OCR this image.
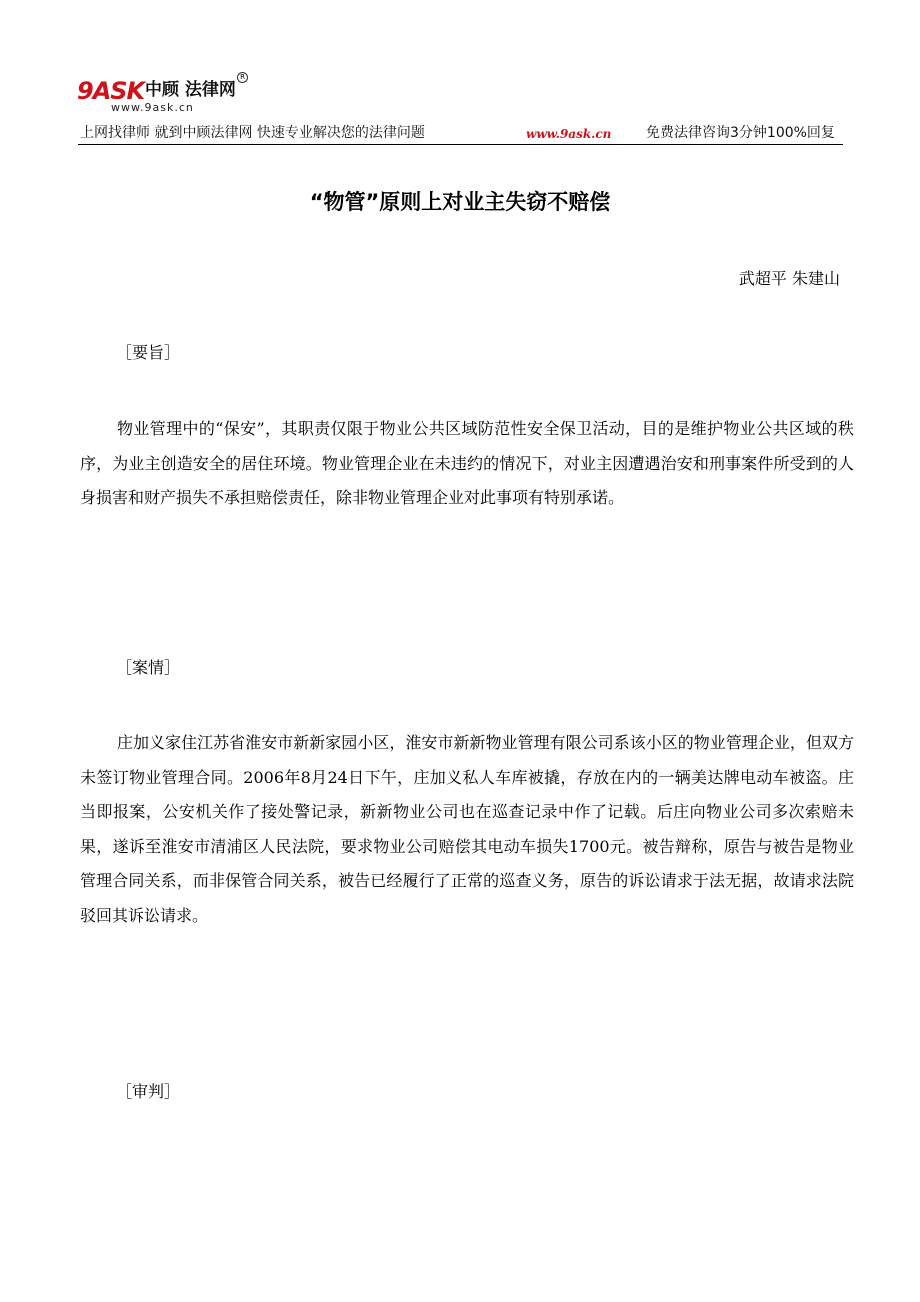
9ASK 中顾 法律网
R
www.9ask.cn
上网找律师 就到中顾法律网 快速专业解决您的法律问题	www.9ask.cn 免费法律咨询3分钟100%回复
“物管”原则上对业主失窃不赔偿
武超平 朱建山
［要旨］

物业管理中的“保安”，其职责仅限于物业公共区域防范性安全保卫活动，目的是维护物业公共区域的秩序，为业主创造安全的居住环境。物业管理企业在未违约的情况下，对业主因遭遇治安和刑事案件所受到的人身损害和财产损失不承担赔偿责任，除非物业管理企业对此事项有特别承诺。

［案情］

庄加义家住江苏省淮安市新新家园小区，淮安市新新物业管理有限公司系该小区的物业管理企业，但双方未签订物业管理合同。2006年8月24日下午，庄加义私人车库被撬，存放在内的一辆美达牌电动车被盗。庄当即报案，公安机关作了接处警记录，新新物业公司也在巡查记录中作了记载。后庄向物业公司多次索赔未果，遂诉至淮安市清浦区人民法院，要求物业公司赔偿其电动车损失1700元。被告辩称，原告与被告是物业管理合同关系，而非保管合同关系，被告已经履行了正常的巡查义务，原告的诉讼请求于法无据，故请求法院驳回其诉讼请求。

［审判］
